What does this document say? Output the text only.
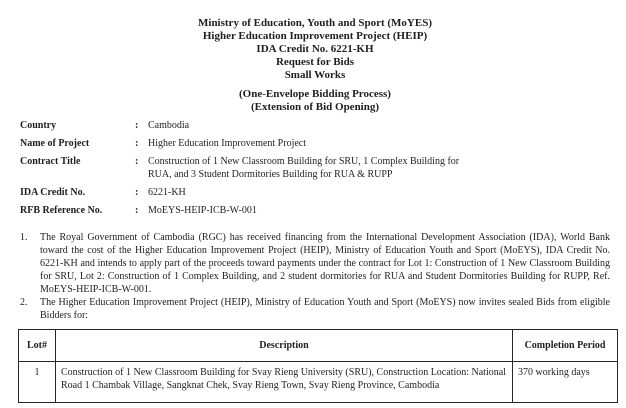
Ministry of Education, Youth and Sport (MoYES)
Higher Education Improvement Project (HEIP)
IDA Credit No. 6221-KH
Request for Bids
Small Works
(One-Envelope Bidding Process)
(Extension of Bid Opening)
Country	: Cambodia
Name of Project	: Higher Education Improvement Project
Contract Title	: Construction of 1 New Classroom Building for SRU, 1 Complex Building for RUA, and 3 Student Dormitories Building for RUA & RUPP
IDA Credit No.	: 6221-KH
RFB Reference No.	: MoEYS-HEIP-ICB-W-001
1.	The Royal Government of Cambodia (RGC) has received financing from the International Development Association (IDA), World Bank toward the cost of the Higher Education Improvement Project (HEIP), Ministry of Education Youth and Sport (MoEYS), IDA Credit No. 6221-KH and intends to apply part of the proceeds toward payments under the contract for Lot 1: Construction of 1 New Classroom Building for SRU, Lot 2: Construction of 1 Complex Building, and 2 student dormitories for RUA and Student Dormitories Building for RUPP, Ref. MoEYS-HEIP-ICB-W-001.
2.	The Higher Education Improvement Project (HEIP), Ministry of Education Youth and Sport (MoEYS) now invites sealed Bids from eligible Bidders for:
Lot#	Description	Completion Period
1	Construction of 1 New Classroom Building for Svay Rieng University (SRU), Construction Location: National Road 1 Chambak Village, Sangknat Chek, Svay Rieng Town, Svay Rieng Province, Cambodia	370 working days
